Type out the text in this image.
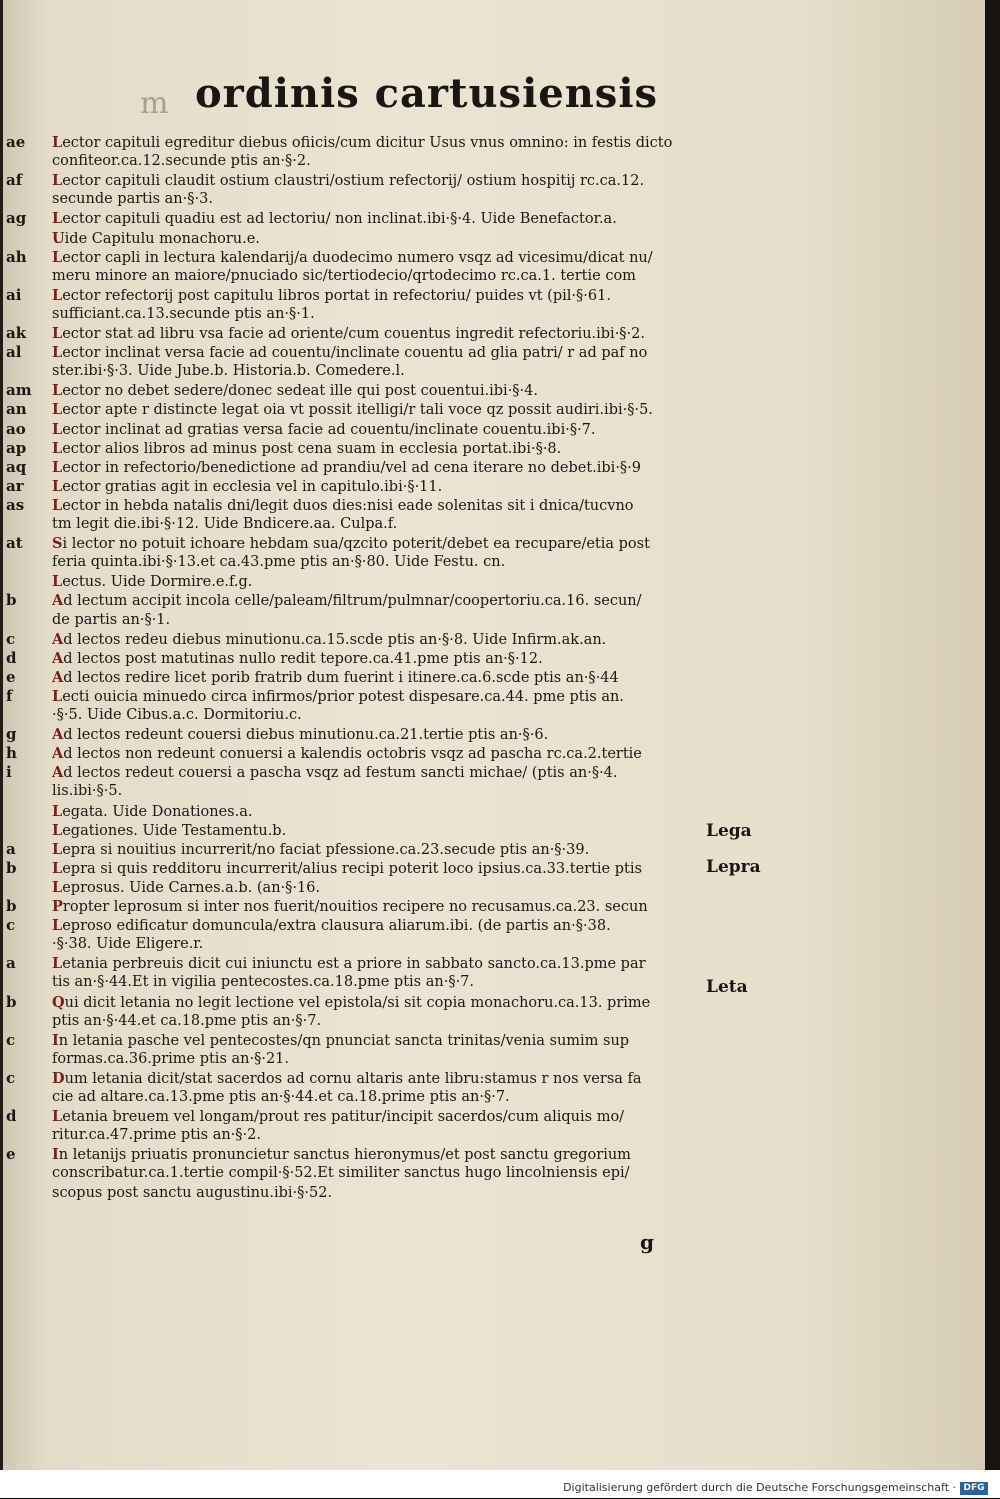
m ordinis cartusiensis
ae	Lector capituli egreditur diebus ofiicis/cum dicitur Usus vnus omnino: in festis dicto
confiteor.ca.12.secunde ptis an·§·2.
af	Lector capituli claudit ostium claustri/ostium refectorij/ ostium hospitij rc.ca.12.
secunde partis an·§·3.
ag	Lector capituli quadiu est ad lectoriu/ non inclinat.ibi·§·4. Uide Benefactor.a.
Uide Capitulu monachoru.e.
ah	Lector capli in lectura kalendarij/a duodecimo numero vsqz ad vicesimu/dicat nu/
meru minore an maiore/pnuciado sic/tertiodecio/qrtodecimo rc.ca.1. tertie com
ai	Lector refectorij post capitulu libros portat in refectoriu/ puides vt (pil·§·61.
sufficiant.ca.13.secunde ptis an·§·1.
ak	Lector stat ad libru vsa facie ad oriente/cum couentus ingredit refectoriu.ibi·§·2.
al	Lector inclinat versa facie ad couentu/inclinate couentu ad glia patri/ r ad paf no
ster.ibi·§·3. Uide Jube.b. Historia.b. Comedere.l.
am	Lector no debet sedere/donec sedeat ille qui post couentui.ibi·§·4.
an	Lector apte r distincte legat oia vt possit itelligi/r tali voce qz possit audiri.ibi·§·5.
ao	Lector inclinat ad gratias versa facie ad couentu/inclinate couentu.ibi·§·7.
ap	Lector alios libros ad minus post cena suam in ecclesia portat.ibi·§·8.
aq	Lector in refectorio/benedictione ad prandiu/vel ad cena iterare no debet.ibi·§·9
ar	Lector gratias agit in ecclesia vel in capitulo.ibi·§·11.
as	Lector in hebda natalis dni/legit duos dies:nisi eade solenitas sit i dnica/tucvno
tm legit die.ibi·§·12. Uide Bndicere.aa. Culpa.f.
at	Si lector no potuit ichoare hebdam sua/qzcito poterit/debet ea recupare/etia post
feria quinta.ibi·§·13.et ca.43.pme ptis an·§·80. Uide Festu. cn.
Lectus. Uide Dormire.e.f.g.
b	Ad lectum accipit incola celle/paleam/filtrum/pulmnar/coopertoriu.ca.16. secun/
de partis an·§·1.
c	Ad lectos redeu diebus minutionu.ca.15.scde ptis an·§·8. Uide Infirm.ak.an.
d	Ad lectos post matutinas nullo redit tepore.ca.41.pme ptis an·§·12.
e	Ad lectos redire licet porib fratrib dum fuerint i itinere.ca.6.scde ptis an·§·44
f	Lecti ouicia minuedo circa infirmos/prior potest dispesare.ca.44. pme ptis an.
·§·5. Uide Cibus.a.c. Dormitoriu.c.
g	Ad lectos redeunt couersi diebus minutionu.ca.21.tertie ptis an·§·6.
h	Ad lectos non redeunt conuersi a kalendis octobris vsqz ad pascha rc.ca.2.tertie
i	Ad lectos redeut couersi a pascha vsqz ad festum sancti michae/ (ptis an·§·4.
lis.ibi·§·5.
Legata. Uide Donationes.a.
Legationes. Uide Testamentu.b.
a	Lepra si nouitius incurrerit/no faciat pfessione.ca.23.secude ptis an·§·39.
b	Lepra si quis redditoru incurrerit/alius recipi poterit loco ipsius.ca.33.tertie ptis
Leprosus. Uide Carnes.a.b. (an·§·16.
b	Propter leprosum si inter nos fuerit/nouitios recipere no recusamus.ca.23. secun
c	Leproso edificatur domuncula/extra clausura aliarum.ibi. (de partis an·§·38.
·§·38. Uide Eligere.r.
a	Letania perbreuis dicit cui iniunctu est a priore in sabbato sancto.ca.13.pme par
tis an·§·44.Et in vigilia pentecostes.ca.18.pme ptis an·§·7.
b	Qui dicit letania no legit lectione vel epistola/si sit copia monachoru.ca.13. prime
ptis an·§·44.et ca.18.pme ptis an·§·7.
c	In letania pasche vel pentecostes/qn pnunciat sancta trinitas/venia sumim sup
formas.ca.36.prime ptis an·§·21.
c	Dum letania dicit/stat sacerdos ad cornu altaris ante libru:stamus r nos versa fa
cie ad altare.ca.13.pme ptis an·§·44.et ca.18.prime ptis an·§·7.
d	Letania breuem vel longam/prout res patitur/incipit sacerdos/cum aliquis mo/
ritur.ca.47.prime ptis an·§·2.
e	In letanijs priuatis pronuncietur sanctus hieronymus/et post sanctu gregorium
conscribatur.ca.1.tertie compil·§·52.Et similiter sanctus hugo lincolniensis epi/
scopus post sanctu augustinu.ibi·§·52.
Lega
Lepra
Leta
g
Digitalisierung gefördert durch die Deutsche Forschungsgemeinschaft · DFG
